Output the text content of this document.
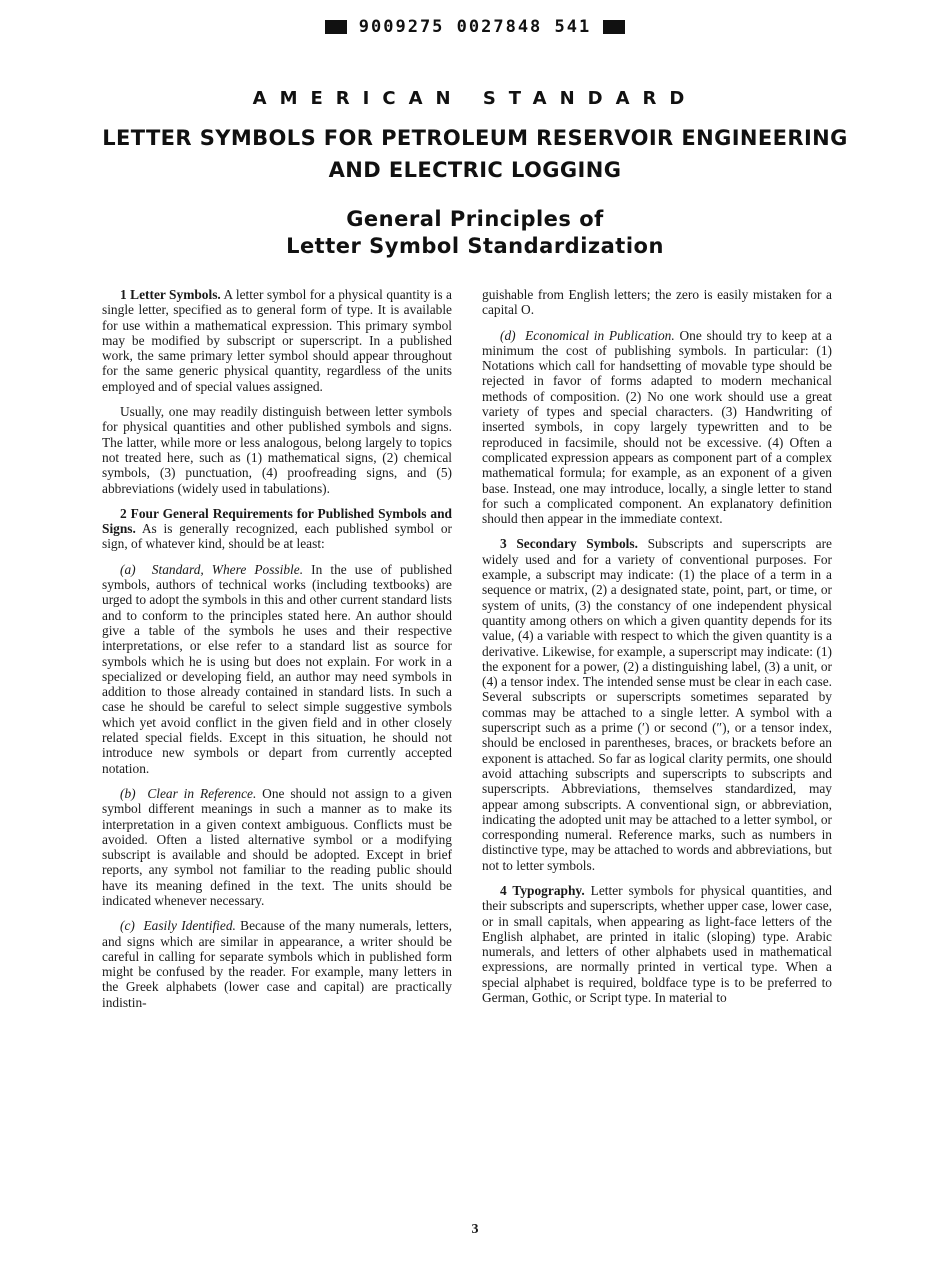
9009275 0027848 541
AMERICAN STANDARD
LETTER SYMBOLS FOR PETROLEUM RESERVOIR ENGINEERING
AND ELECTRIC LOGGING
General Principles of
Letter Symbol Standardization

1 Letter Symbols. A letter symbol for a physical quantity is a single letter, specified as to general form of type. It is available for use within a mathematical expression. This primary symbol may be modified by subscript or superscript. In a published work, the same primary letter symbol should appear throughout for the same generic physical quantity, regardless of the units employed and of special values assigned.

Usually, one may readily distinguish between letter symbols for physical quantities and other published symbols and signs. The latter, while more or less analogous, belong largely to topics not treated here, such as (1) mathematical signs, (2) chemical symbols, (3) punctuation, (4) proofreading signs, and (5) abbreviations (widely used in tabulations).

2 Four General Requirements for Published Symbols and Signs. As is generally recognized, each published symbol or sign, of whatever kind, should be at least:

(a) Standard, Where Possible. In the use of published symbols, authors of technical works (including textbooks) are urged to adopt the symbols in this and other current standard lists and to conform to the principles stated here. An author should give a table of the symbols he uses and their respective interpretations, or else refer to a standard list as source for symbols which he is using but does not explain. For work in a specialized or developing field, an author may need symbols in addition to those already contained in standard lists. In such a case he should be careful to select simple suggestive symbols which yet avoid conflict in the given field and in other closely related special fields. Except in this situation, he should not introduce new symbols or depart from currently accepted notation.

(b) Clear in Reference. One should not assign to a given symbol different meanings in such a manner as to make its interpretation in a given context ambiguous. Conflicts must be avoided. Often a listed alternative symbol or a modifying subscript is available and should be adopted. Except in brief reports, any symbol not familiar to the reading public should have its meaning defined in the text. The units should be indicated whenever necessary.

(c) Easily Identified. Because of the many numerals, letters, and signs which are similar in appearance, a writer should be careful in calling for separate symbols which in published form might be confused by the reader. For example, many letters in the Greek alphabets (lower case and capital) are practically indistin-

guishable from English letters; the zero is easily mistaken for a capital O.

(d) Economical in Publication. One should try to keep at a minimum the cost of publishing symbols. In particular: (1) Notations which call for handsetting of movable type should be rejected in favor of forms adapted to modern mechanical methods of composition. (2) No one work should use a great variety of types and special characters. (3) Handwriting of inserted symbols, in copy largely typewritten and to be reproduced in facsimile, should not be excessive. (4) Often a complicated expression appears as component part of a complex mathematical formula; for example, as an exponent of a given base. Instead, one may introduce, locally, a single letter to stand for such a complicated component. An explanatory definition should then appear in the immediate context.

3 Secondary Symbols. Subscripts and superscripts are widely used and for a variety of conventional purposes. For example, a subscript may indicate: (1) the place of a term in a sequence or matrix, (2) a designated state, point, part, or time, or system of units, (3) the constancy of one independent physical quantity among others on which a given quantity depends for its value, (4) a variable with respect to which the given quantity is a derivative. Likewise, for example, a superscript may indicate: (1) the exponent for a power, (2) a distinguishing label, (3) a unit, or (4) a tensor index. The intended sense must be clear in each case. Several subscripts or superscripts sometimes separated by commas may be attached to a single letter. A symbol with a superscript such as a prime (′) or second (″), or a tensor index, should be enclosed in parentheses, braces, or brackets before an exponent is attached. So far as logical clarity permits, one should avoid attaching subscripts and superscripts to subscripts and superscripts. Abbreviations, themselves standardized, may appear among subscripts. A conventional sign, or abbreviation, indicating the adopted unit may be attached to a letter symbol, or corresponding numeral. Reference marks, such as numbers in distinctive type, may be attached to words and abbreviations, but not to letter symbols.

4 Typography. Letter symbols for physical quantities, and their subscripts and superscripts, whether upper case, lower case, or in small capitals, when appearing as light-face letters of the English alphabet, are printed in italic (sloping) type. Arabic numerals, and letters of other alphabets used in mathematical expressions, are normally printed in vertical type. When a special alphabet is required, boldface type is to be preferred to German, Gothic, or Script type. In material to

3
